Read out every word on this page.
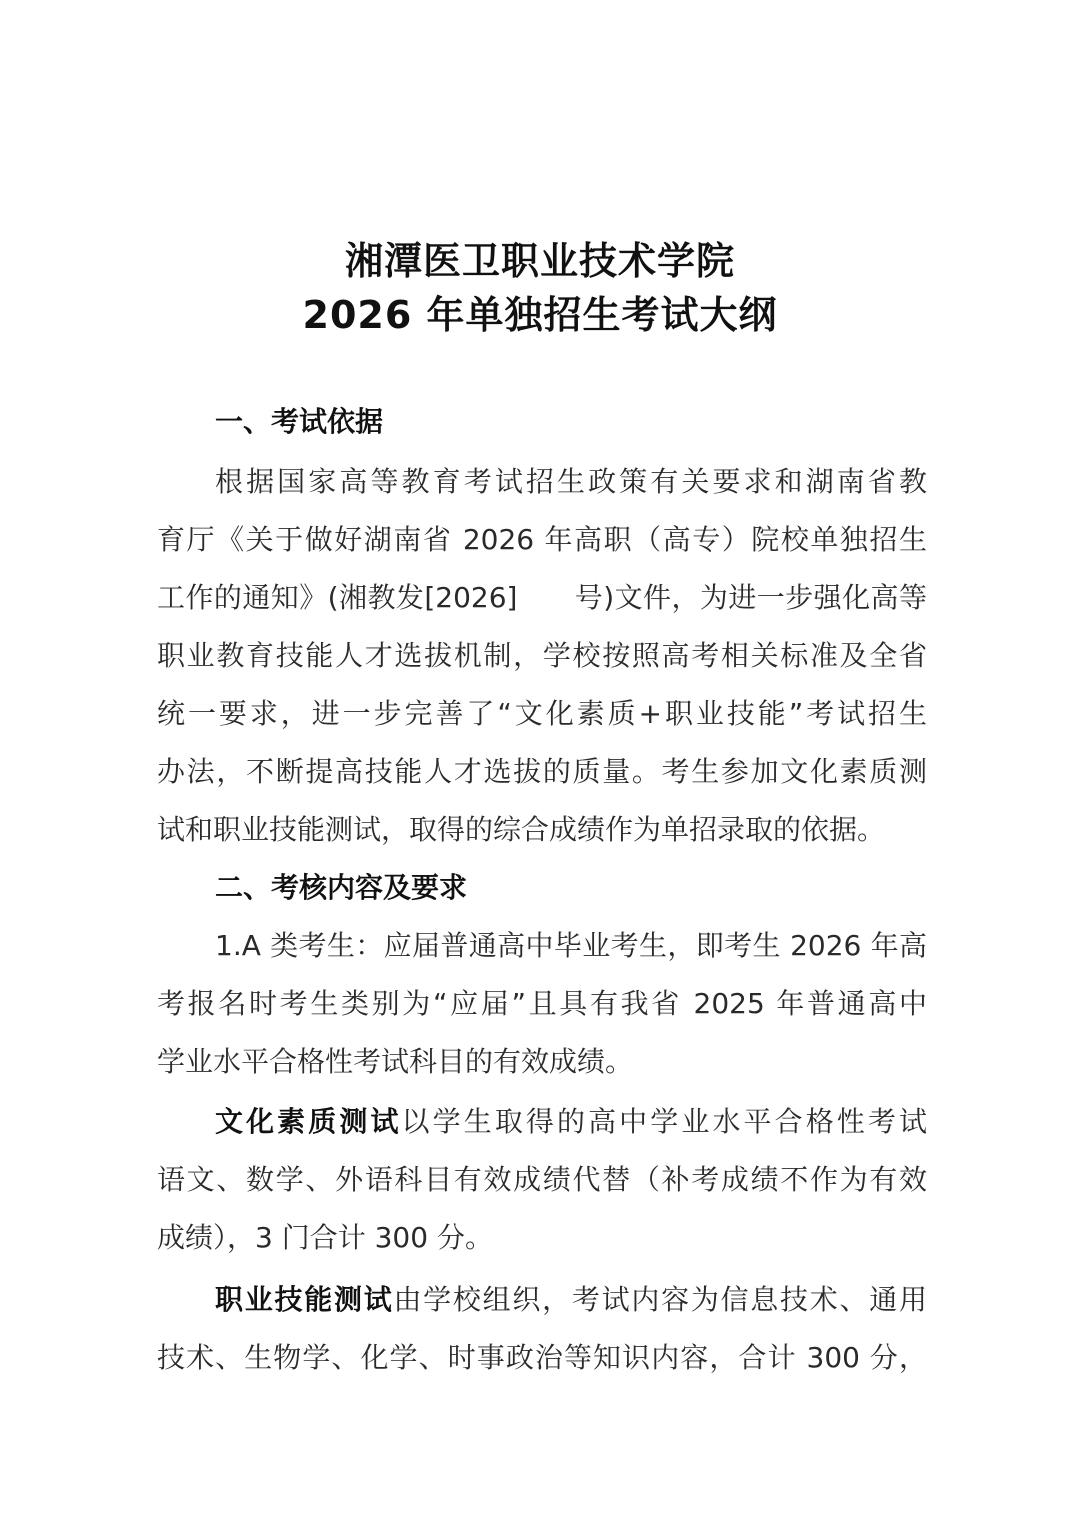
湘潭医卫职业技术学院
2026 年单独招生考试大纲
一、考试依据
根据国家高等教育考试招生政策有关要求和湖南省教
育厅《关于做好湖南省 2026 年高职（高专）院校单独招生
工作的通知》(湘教发[2026]　　号)文件，为进一步强化高等
职业教育技能人才选拔机制，学校按照高考相关标准及全省
统一要求，进一步完善了“文化素质+职业技能”考试招生
办法，不断提高技能人才选拔的质量。考生参加文化素质测
试和职业技能测试，取得的综合成绩作为单招录取的依据。
二、考核内容及要求
1.A 类考生：应届普通高中毕业考生，即考生 2026 年高
考报名时考生类别为“应届”且具有我省 2025 年普通高中
学业水平合格性考试科目的有效成绩。
文化素质测试以学生取得的高中学业水平合格性考试
语文、数学、外语科目有效成绩代替（补考成绩不作为有效
成绩），3 门合计 300 分。
职业技能测试由学校组织，考试内容为信息技术、通用
技术、生物学、化学、时事政治等知识内容，合计 300 分，
